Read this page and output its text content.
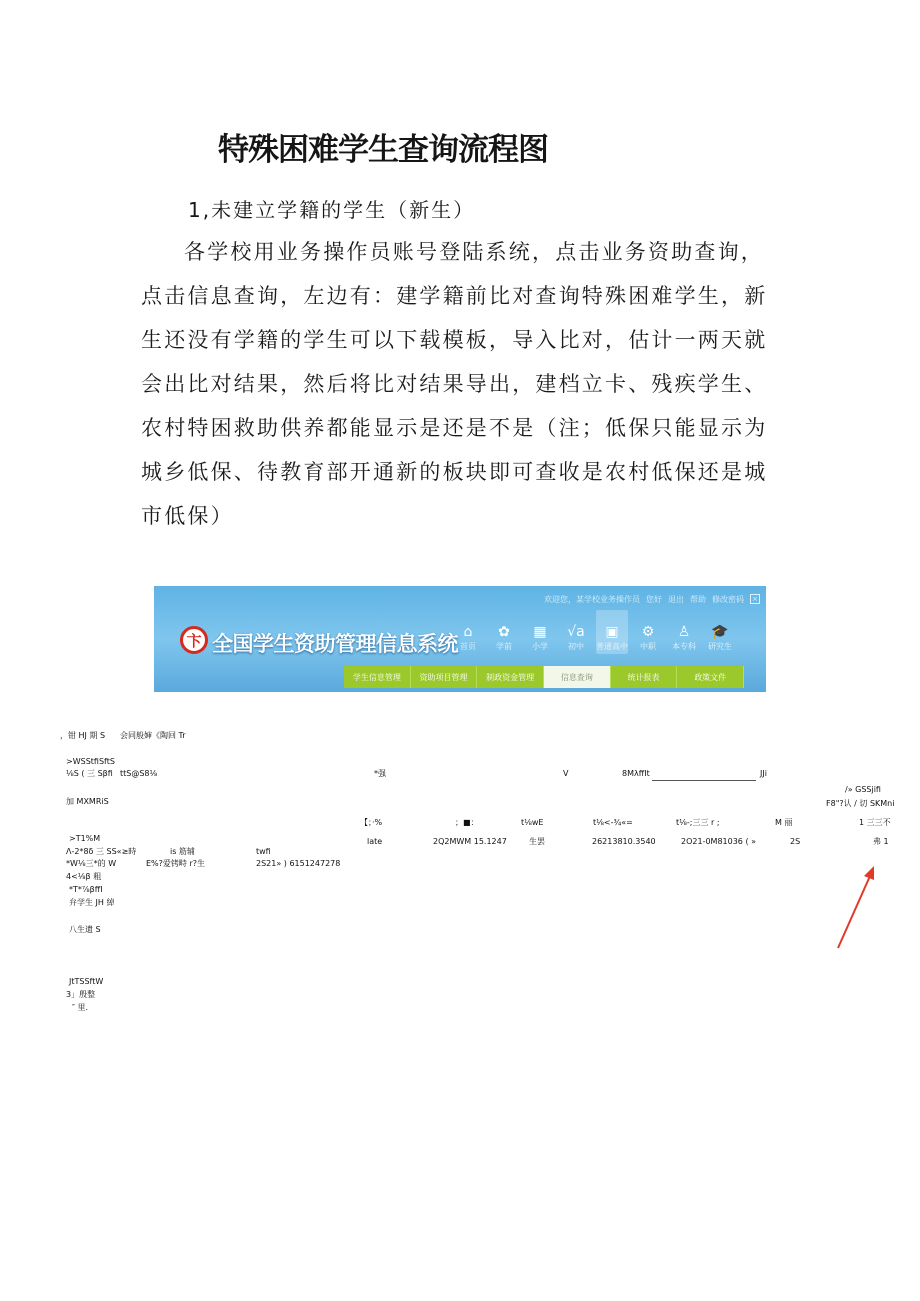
特殊困难学生查询流程图
1,未建立学籍的学生（新生）
各学校用业务操作员账号登陆系统，点击业务资助查询，
点击信息查询，左边有：建学籍前比对查询特殊困难学生，新
生还没有学籍的学生可以下载模板，导入比对，估计一两天就
会出比对结果，然后将比对结果导出，建档立卡、残疾学生、
农村特困救助供养都能显示是还是不是（注；低保只能显示为
城乡低保、待教育部开通新的板块即可查收是农村低保还是城
市低保）
欢迎您，某学校业务操作员 您好 退出 帮助 修改密码 ×
卞 全国学生资助管理信息系统 ⌂
首页
✿
学前
▦
小学
√a
初中
▣
普通高中
⚙
中职
♙
本专科
🎓
研究生
学生信息管理	资助项目管理	制政资金管理	信息查询	统计报表	政策文件
，钳 HJ 期 S 会同般婶《陶回 Tr
>WSStfiSftS
⅛S ( 三 Sβfi ttS@S8⅛	*强	V	8MλffIt	JJi
/» GSSjifi
加 MXMRiS	F8"?认 / 切 SKMni
【；·%	；■：	t⅛wE	t⅛<-¾«=	t⅛-;三三 r ;	M 丽	1 三三不
>T1%M	late	2Q2MWM 15.1247	生罢	26213810.3540	2O21-0M81036 ( »	2S	弗 1
Λ-2*8δ 三 SS«≥時	is 筋辅	twfi
*W⅛三*的 W	E%?爱铐畤 r?生	2S21» ) 6151247278
4<⅛β 粗
*T*⅞βffI
弁学生 JH 綽
八生遗 S
JtTSSftW
3」殷整
″ 里.
